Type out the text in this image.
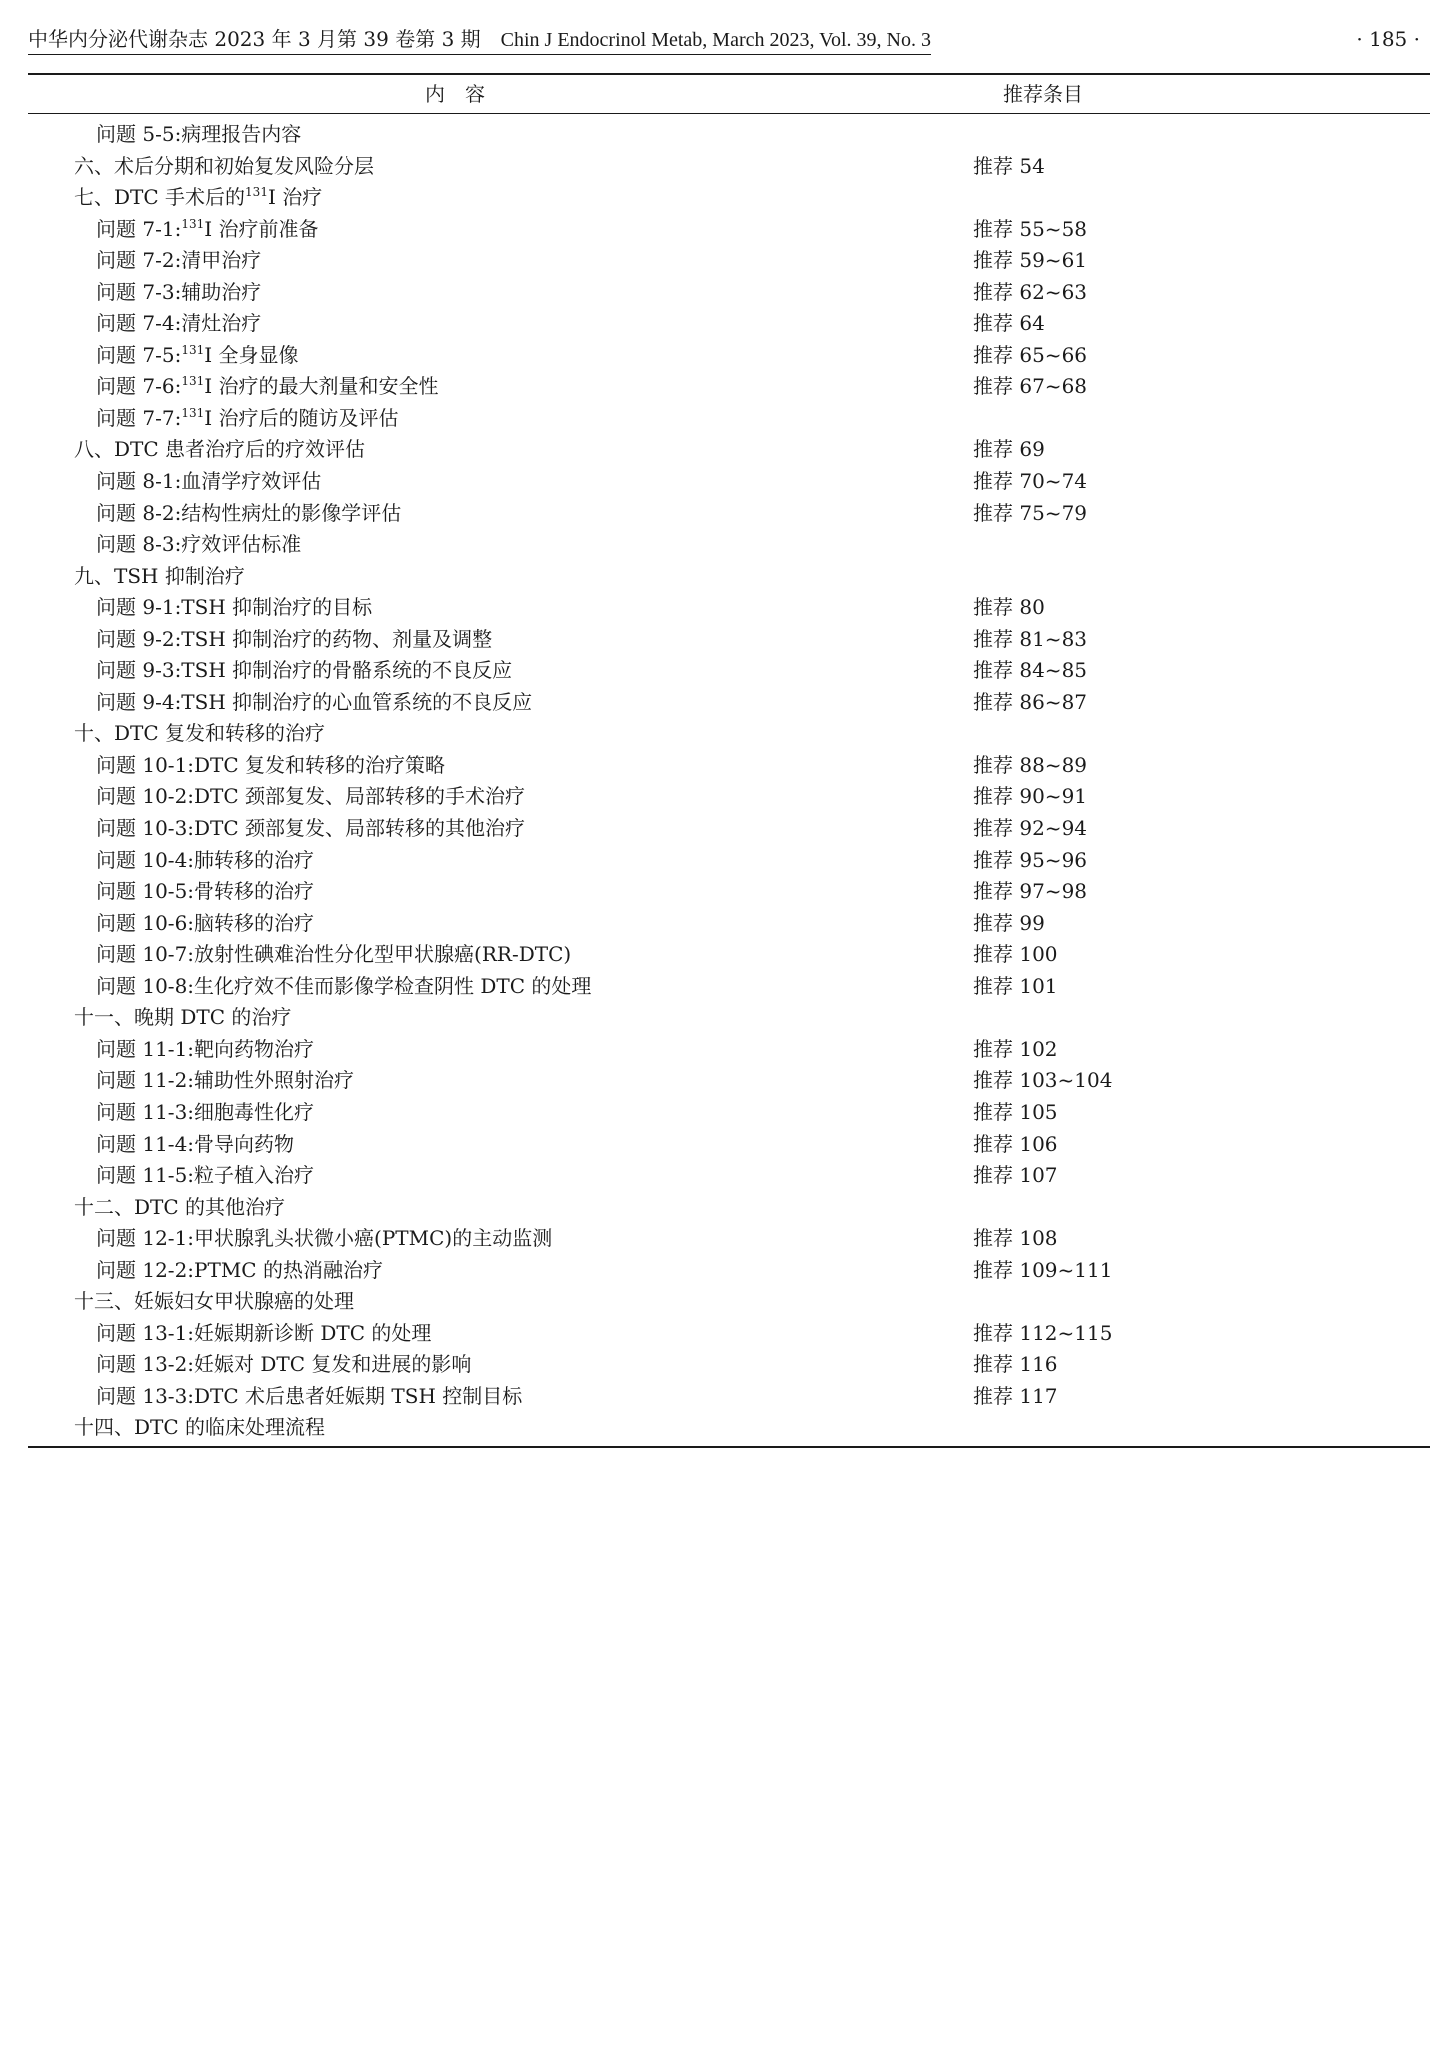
中华内分泌代谢杂志 2023 年 3 月第 39 卷第 3 期 Chin J Endocrinol Metab, March 2023, Vol. 39, No. 3	· 185 ·
内容	推荐条目
问题 5-5:病理报告内容
六、术后分期和初始复发风险分层	推荐 54
七、DTC 手术后的$^{131}$I 治疗
问题 7-1:$^{131}$I 治疗前准备	推荐 55~58
问题 7-2:清甲治疗	推荐 59~61
问题 7-3:辅助治疗	推荐 62~63
问题 7-4:清灶治疗	推荐 64
问题 7-5:$^{131}$I 全身显像	推荐 65~66
问题 7-6:$^{131}$I 治疗的最大剂量和安全性	推荐 67~68
问题 7-7:$^{131}$I 治疗后的随访及评估
八、DTC 患者治疗后的疗效评估	推荐 69
问题 8-1:血清学疗效评估	推荐 70~74
问题 8-2:结构性病灶的影像学评估	推荐 75~79
问题 8-3:疗效评估标准
九、TSH 抑制治疗
问题 9-1:TSH 抑制治疗的目标	推荐 80
问题 9-2:TSH 抑制治疗的药物、剂量及调整	推荐 81~83
问题 9-3:TSH 抑制治疗的骨骼系统的不良反应	推荐 84~85
问题 9-4:TSH 抑制治疗的心血管系统的不良反应	推荐 86~87
十、DTC 复发和转移的治疗
问题 10-1:DTC 复发和转移的治疗策略	推荐 88~89
问题 10-2:DTC 颈部复发、局部转移的手术治疗	推荐 90~91
问题 10-3:DTC 颈部复发、局部转移的其他治疗	推荐 92~94
问题 10-4:肺转移的治疗	推荐 95~96
问题 10-5:骨转移的治疗	推荐 97~98
问题 10-6:脑转移的治疗	推荐 99
问题 10-7:放射性碘难治性分化型甲状腺癌(RR-DTC)	推荐 100
问题 10-8:生化疗效不佳而影像学检查阴性 DTC 的处理	推荐 101
十一、晚期 DTC 的治疗
问题 11-1:靶向药物治疗	推荐 102
问题 11-2:辅助性外照射治疗	推荐 103~104
问题 11-3:细胞毒性化疗	推荐 105
问题 11-4:骨导向药物	推荐 106
问题 11-5:粒子植入治疗	推荐 107
十二、DTC 的其他治疗
问题 12-1:甲状腺乳头状微小癌(PTMC)的主动监测	推荐 108
问题 12-2:PTMC 的热消融治疗	推荐 109~111
十三、妊娠妇女甲状腺癌的处理
问题 13-1:妊娠期新诊断 DTC 的处理	推荐 112~115
问题 13-2:妊娠对 DTC 复发和进展的影响	推荐 116
问题 13-3:DTC 术后患者妊娠期 TSH 控制目标	推荐 117
十四、DTC 的临床处理流程
